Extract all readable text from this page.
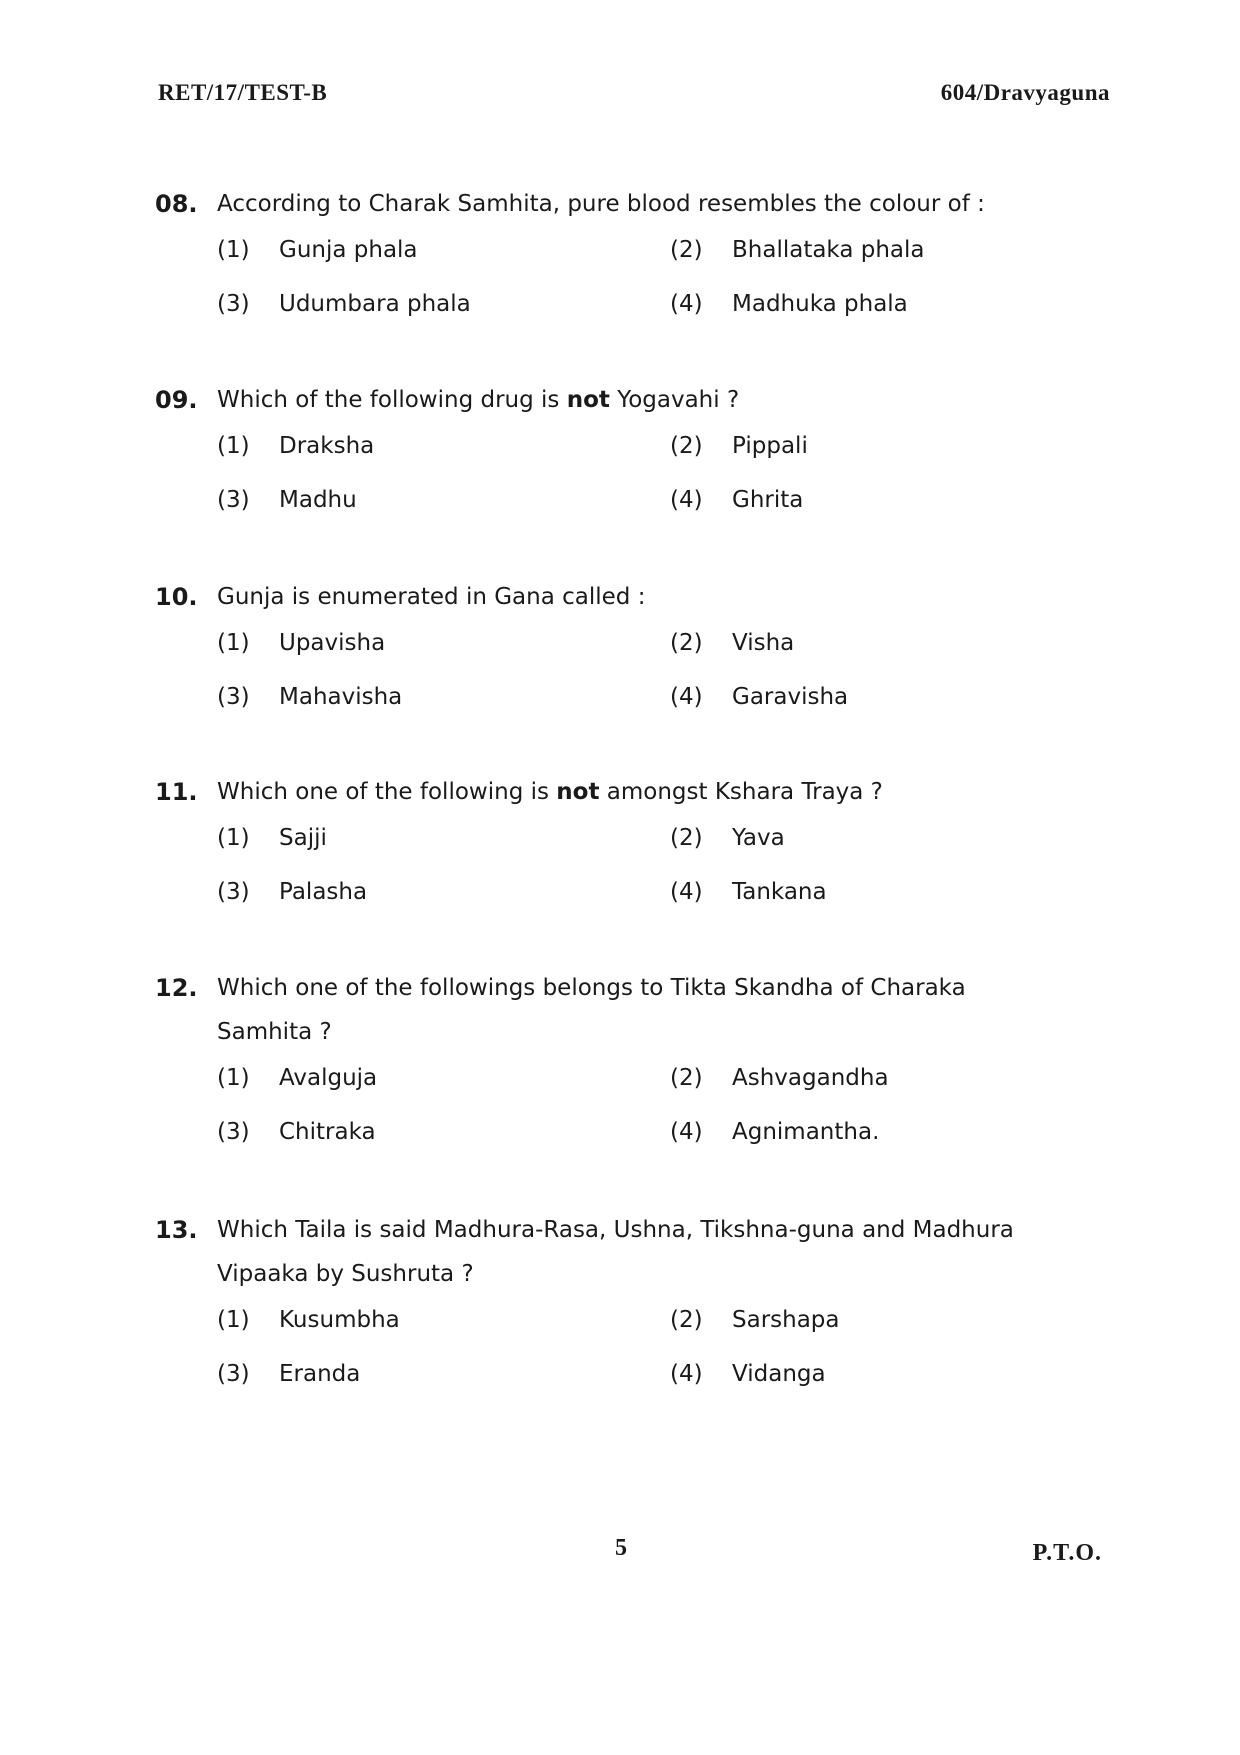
RET/17/TEST-B	604/Dravyaguna
08. According to Charak Samhita, pure blood resembles the colour of :
(1)	Gunja phala	(2)	Bhallataka phala
(3)	Udumbara phala	(4)	Madhuka phala
09. Which of the following drug is not Yogavahi ?
(1)	Draksha	(2)	Pippali
(3)	Madhu	(4)	Ghrita
10. Gunja is enumerated in Gana called :
(1)	Upavisha	(2)	Visha
(3)	Mahavisha	(4)	Garavisha
11. Which one of the following is not amongst Kshara Traya ?
(1)	Sajji	(2)	Yava
(3)	Palasha	(4)	Tankana
12. Which one of the followings belongs to Tikta Skandha of Charaka
Samhita ?
(1)	Avalguja	(2)	Ashvagandha
(3)	Chitraka	(4)	Agnimantha.
13. Which Taila is said Madhura-Rasa, Ushna, Tikshna-guna and Madhura
Vipaaka by Sushruta ?
(1)	Kusumbha	(2)	Sarshapa
(3)	Eranda	(4)	Vidanga
5	P.T.O.
